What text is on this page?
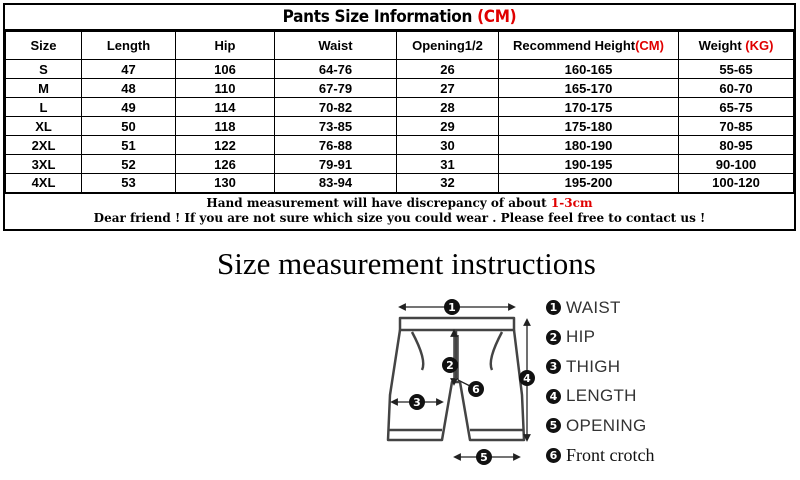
Pants Size Information (CM)
Size	Length	Hip	Waist	Opening1/2	Recommend Height(CM)	Weight (KG)
S	47	106	64-76	26	160-165	55-65
M	48	110	67-79	27	165-170	60-70
L	49	114	70-82	28	170-175	65-75
XL	50	118	73-85	29	175-180	70-85
2XL	51	122	76-88	30	180-190	80-95
3XL	52	126	79-91	31	190-195	90-100
4XL	53	130	83-94	32	195-200	100-120
Hand measurement will have discrepancy of about 1-3cm
Dear friend ! If you are not sure which size you could wear . Please feel free to contact us !
Size measurement instructions
1
2
3
4
5
6
1 WAIST
2 HIP
3 THIGH
4 LENGTH
5 OPENING
6 Front crotch
